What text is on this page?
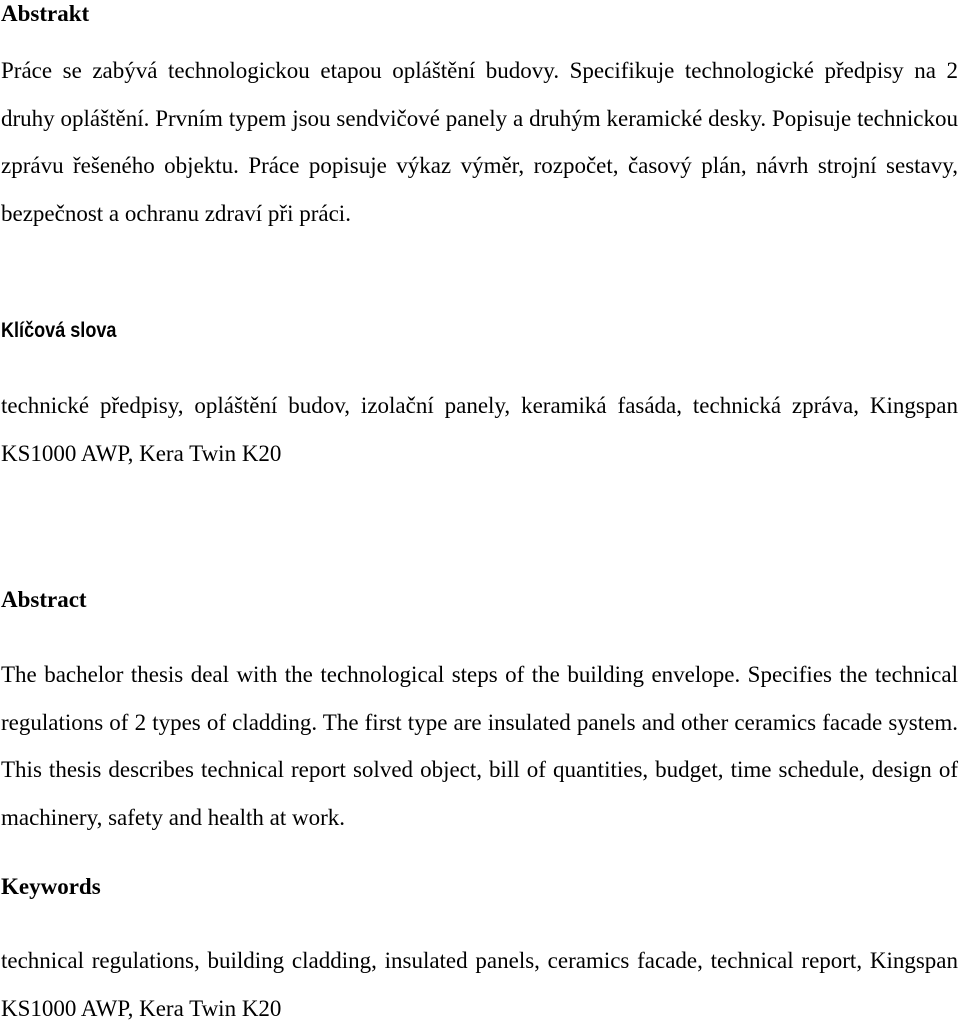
Abstrakt

Práce se zabývá technologickou etapou opláštění budovy. Specifikuje technologické předpisy na 2 druhy opláštění. Prvním typem jsou sendvičové panely a druhým keramické desky. Popisuje technickou zprávu řešeného objektu. Práce popisuje výkaz výměr, rozpočet, časový plán, návrh strojní sestavy, bezpečnost a ochranu zdraví při práci.

Klíčová slova

technické předpisy, opláštění budov, izolační panely, keramiká fasáda, technická zpráva, Kingspan KS1000 AWP, Kera Twin K20

Abstract

The bachelor thesis deal with the technological steps of the building envelope. Specifies the technical regulations of 2 types of cladding. The first type are insulated panels and other ceramics facade system. This thesis describes technical report solved object, bill of quantities, budget, time schedule, design of machinery, safety and health at work.

Keywords

technical regulations, building cladding, insulated panels, ceramics facade, technical report, Kingspan KS1000 AWP, Kera Twin K20
